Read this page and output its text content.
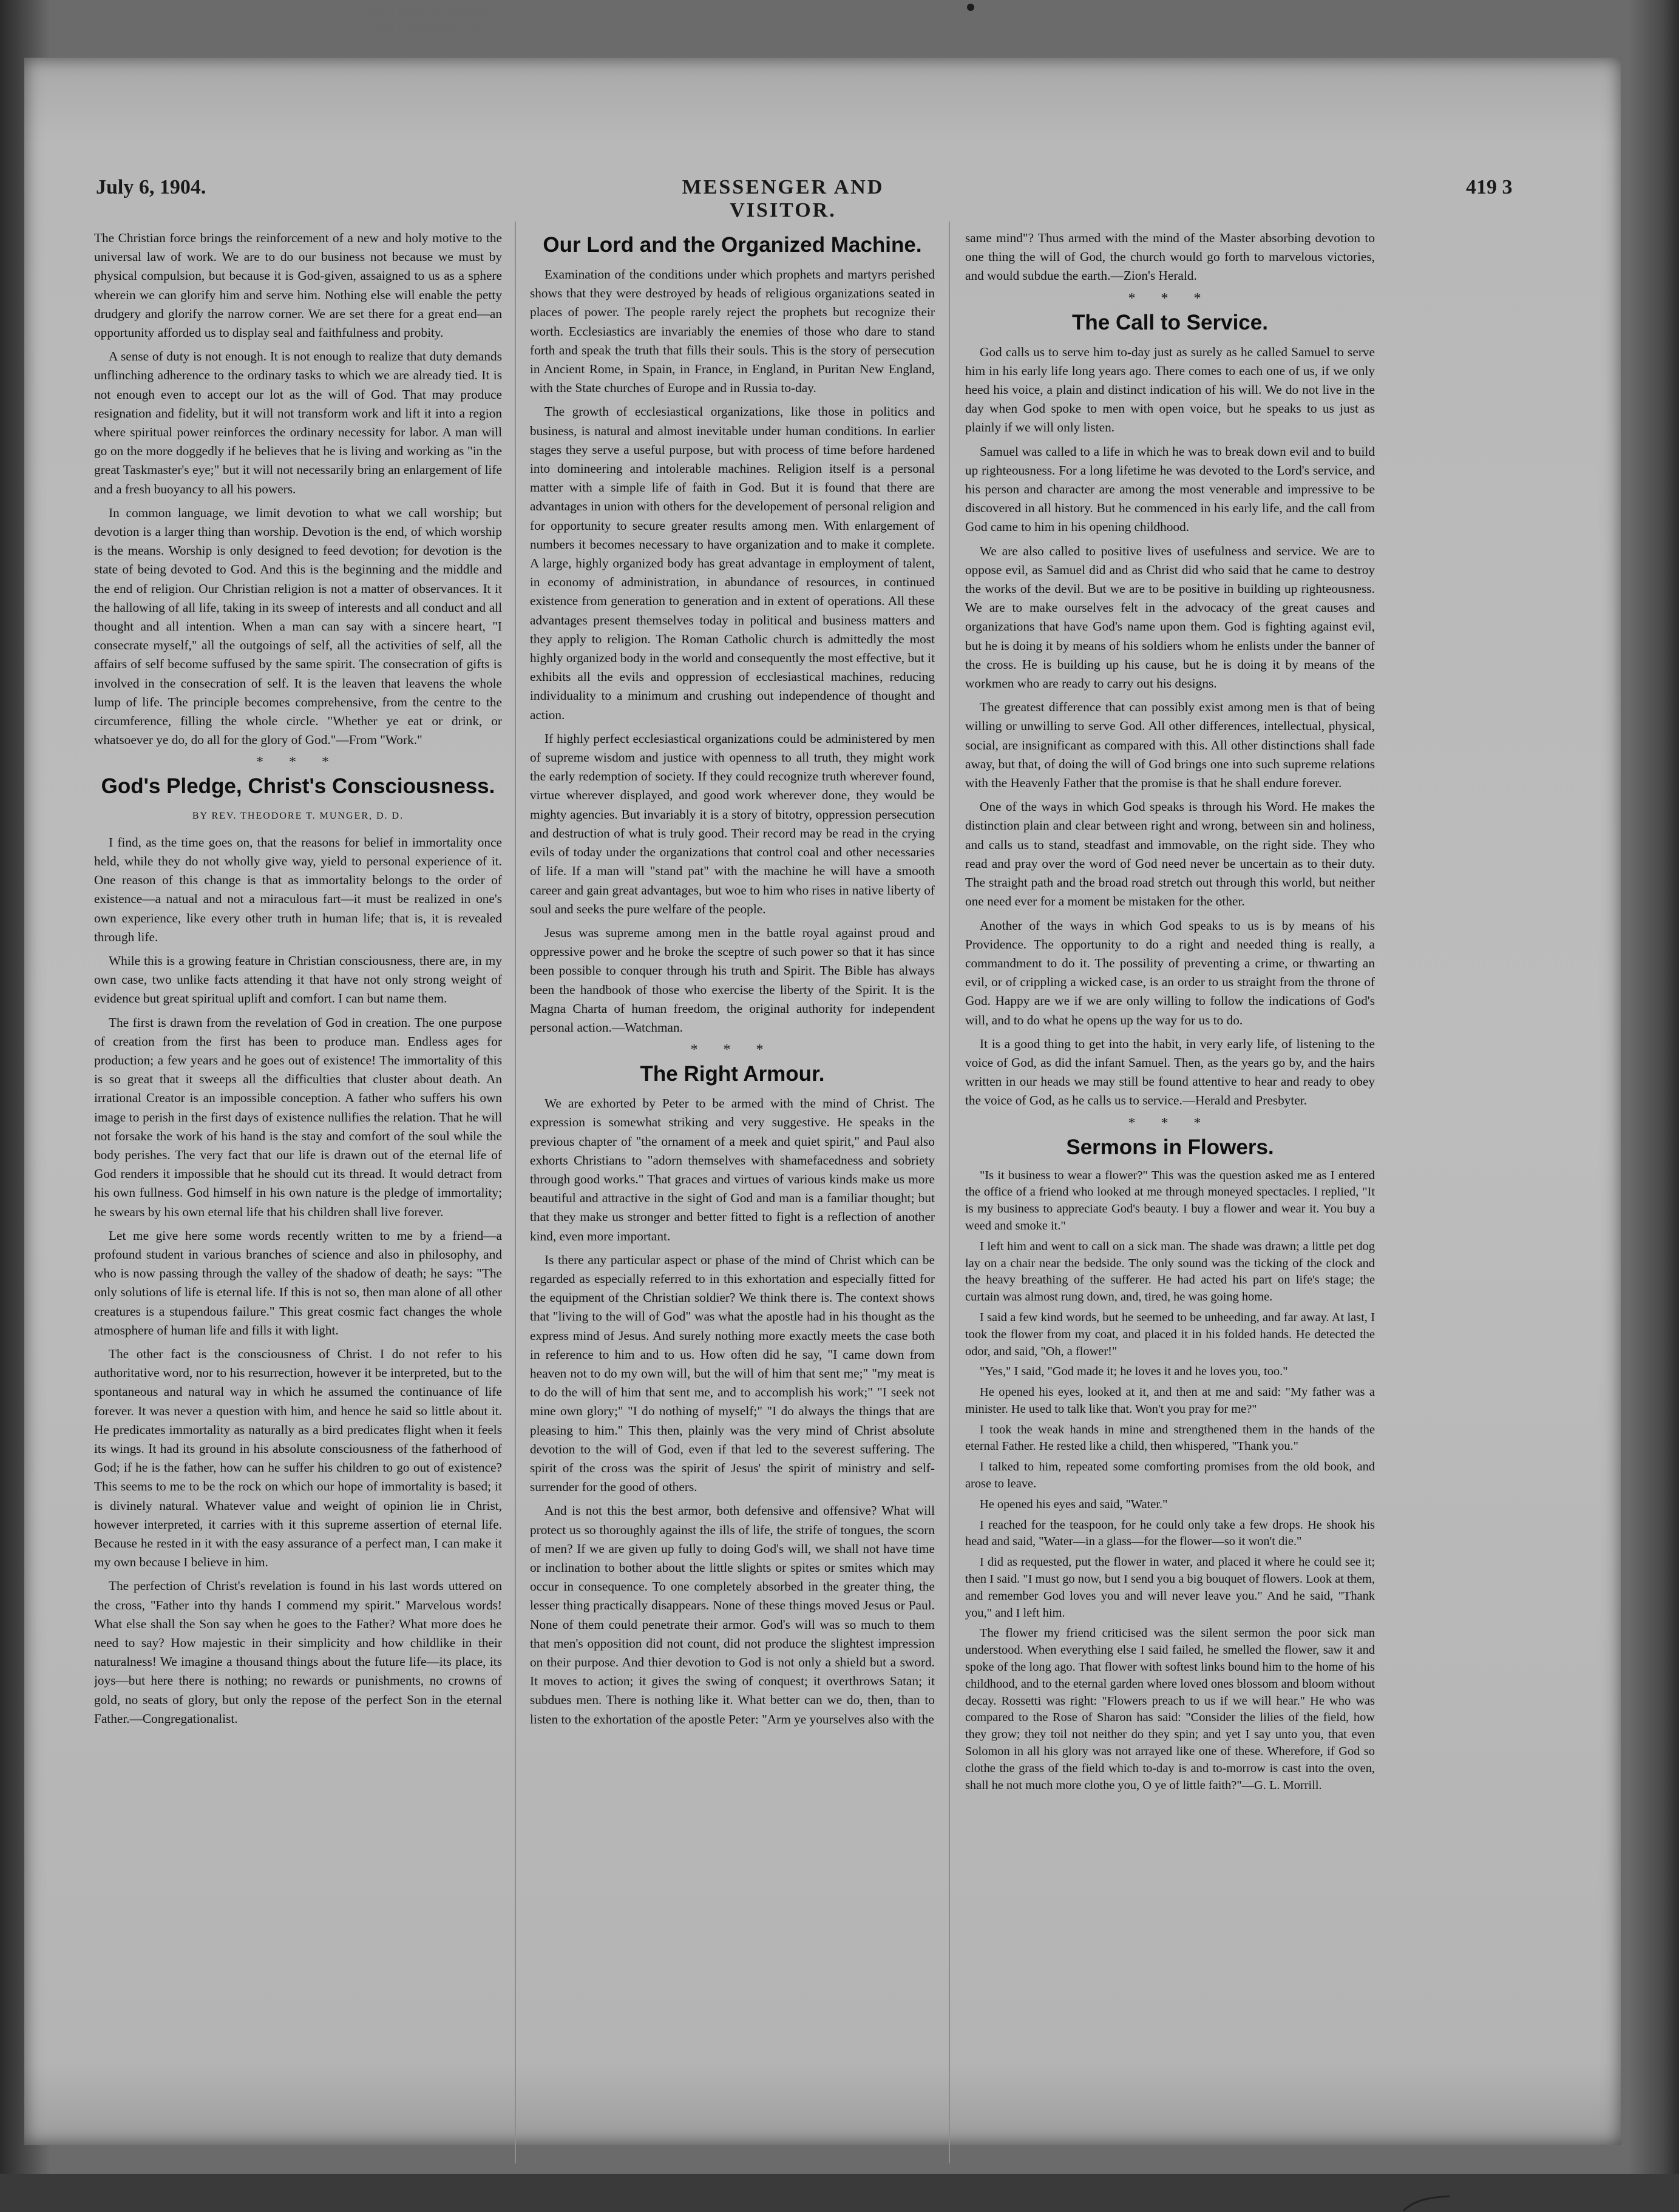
West Virginia Collection
(Not a Scanned Copy)
July 6, 1904.	MESSENGER AND VISITOR.
419 3

The Christian force brings the reinforcement of a new and holy motive to the universal law of work. We are to do our business not because we must by physical compulsion, but because it is God-given, assaigned to us as a sphere wherein we can glorify him and serve him. Nothing else will enable the petty drudgery and glorify the narrow corner. We are set there for a great end—an opportunity afforded us to display seal and faithfulness and probity.

A sense of duty is not enough. It is not enough to realize that duty demands unflinching adherence to the ordinary tasks to which we are already tied. It is not enough even to accept our lot as the will of God. That may produce resignation and fidelity, but it will not transform work and lift it into a region where spiritual power reinforces the ordinary necessity for labor. A man will go on the more doggedly if he believes that he is living and working as "in the great Taskmaster's eye;" but it will not necessarily bring an enlargement of life and a fresh buoyancy to all his powers.

In common language, we limit devotion to what we call worship; but devotion is a larger thing than worship. Devotion is the end, of which worship is the means. Worship is only designed to feed devotion; for devotion is the state of being devoted to God. And this is the beginning and the middle and the end of religion. Our Christian religion is not a matter of observances. It it the hallowing of all life, taking in its sweep of interests and all conduct and all thought and all intention. When a man can say with a sincere heart, "I consecrate myself," all the outgoings of self, all the activities of self, all the affairs of self become suffused by the same spirit. The consecration of gifts is involved in the consecration of self. It is the leaven that leavens the whole lump of life. The principle becomes comprehensive, from the centre to the circumference, filling the whole circle. "Whether ye eat or drink, or whatsoever ye do, do all for the glory of God."—From "Work."

* * *
God's Pledge, Christ's Consciousness.
BY REV. THEODORE T. MUNGER, D. D.

I find, as the time goes on, that the reasons for belief in immortality once held, while they do not wholly give way, yield to personal experience of it. One reason of this change is that as immortality belongs to the order of existence—a natual and not a miraculous fart—it must be realized in one's own experience, like every other truth in human life; that is, it is revealed through life.

While this is a growing feature in Christian consciousness, there are, in my own case, two unlike facts attending it that have not only strong weight of evidence but great spiritual uplift and comfort. I can but name them.

The first is drawn from the revelation of God in creation. The one purpose of creation from the first has been to produce man. Endless ages for production; a few years and he goes out of existence! The immortality of this is so great that it sweeps all the difficulties that cluster about death. An irrational Creator is an impossible conception. A father who suffers his own image to perish in the first days of existence nullifies the relation. That he will not forsake the work of his hand is the stay and comfort of the soul while the body perishes. The very fact that our life is drawn out of the eternal life of God renders it impossible that he should cut its thread. It would detract from his own fullness. God himself in his own nature is the pledge of immortality; he swears by his own eternal life that his children shall live forever.

Let me give here some words recently written to me by a friend—a profound student in various branches of science and also in philosophy, and who is now passing through the valley of the shadow of death; he says: "The only solutions of life is eternal life. If this is not so, then man alone of all other creatures is a stupendous failure." This great cosmic fact changes the whole atmosphere of human life and fills it with light.

The other fact is the consciousness of Christ. I do not refer to his authoritative word, nor to his resurrection, however it be interpreted, but to the spontaneous and natural way in which he assumed the continuance of life forever. It was never a question with him, and hence he said so little about it. He predicates immortality as naturally as a bird predicates flight when it feels its wings. It had its ground in his absolute consciousness of the fatherhood of God; if he is the father, how can he suffer his children to go out of existence? This seems to me to be the rock on which our hope of immortality is based; it is divinely natural. Whatever value and weight of opinion lie in Christ, however interpreted, it carries with it this supreme assertion of eternal life. Because he rested in it with the easy assurance of a perfect man, I can make it my own because I believe in him.

The perfection of Christ's revelation is found in his last words uttered on the cross, "Father into thy hands I commend my spirit." Marvelous words! What else shall the Son say when he goes to the Father? What more does he need to say? How majestic in their simplicity and how childlike in their naturalness! We imagine a thousand things about the future life—its place, its joys—but here there is nothing; no rewards or punishments, no crowns of gold, no seats of glory, but only the repose of the perfect Son in the eternal Father.—Congregationalist.

Our Lord and the Organized Machine.

Examination of the conditions under which prophets and martyrs perished shows that they were destroyed by heads of religious organizations seated in places of power. The people rarely reject the prophets but recognize their worth. Ecclesiastics are invariably the enemies of those who dare to stand forth and speak the truth that fills their souls. This is the story of persecution in Ancient Rome, in Spain, in France, in England, in Puritan New England, with the State churches of Europe and in Russia to-day.

The growth of ecclesiastical organizations, like those in politics and business, is natural and almost inevitable under human conditions. In earlier stages they serve a useful purpose, but with process of time before hardened into domineering and intolerable machines. Religion itself is a personal matter with a simple life of faith in God. But it is found that there are advantages in union with others for the developement of personal religion and for opportunity to secure greater results among men. With enlargement of numbers it becomes necessary to have organization and to make it complete. A large, highly organized body has great advantage in employment of talent, in economy of administration, in abundance of resources, in continued existence from generation to generation and in extent of operations. All these advantages present themselves today in political and business matters and they apply to religion. The Roman Catholic church is admittedly the most highly organized body in the world and consequently the most effective, but it exhibits all the evils and oppression of ecclesiastical machines, reducing individuality to a minimum and crushing out independence of thought and action.

If highly perfect ecclesiastical organizations could be administered by men of supreme wisdom and justice with openness to all truth, they might work the early redemption of society. If they could recognize truth wherever found, virtue wherever displayed, and good work wherever done, they would be mighty agencies. But invariably it is a story of bitotry, oppression persecution and destruction of what is truly good. Their record may be read in the crying evils of today under the organizations that control coal and other necessaries of life. If a man will "stand pat" with the machine he will have a smooth career and gain great advantages, but woe to him who rises in native liberty of soul and seeks the pure welfare of the people.

Jesus was supreme among men in the battle royal against proud and oppressive power and he broke the sceptre of such power so that it has since been possible to conquer through his truth and Spirit. The Bible has always been the handbook of those who exercise the liberty of the Spirit. It is the Magna Charta of human freedom, the original authority for independent personal action.—Watchman.

* * *
The Right Armour.

We are exhorted by Peter to be armed with the mind of Christ. The expression is somewhat striking and very suggestive. He speaks in the previous chapter of "the ornament of a meek and quiet spirit," and Paul also exhorts Christians to "adorn themselves with shamefacedness and sobriety through good works." That graces and virtues of various kinds make us more beautiful and attractive in the sight of God and man is a familiar thought; but that they make us stronger and better fitted to fight is a reflection of another kind, even more important.

Is there any particular aspect or phase of the mind of Christ which can be regarded as especially referred to in this exhortation and especially fitted for the equipment of the Christian soldier? We think there is. The context shows that "living to the will of God" was what the apostle had in his thought as the express mind of Jesus. And surely nothing more exactly meets the case both in reference to him and to us. How often did he say, "I came down from heaven not to do my own will, but the will of him that sent me;" "my meat is to do the will of him that sent me, and to accomplish his work;" "I seek not mine own glory;" "I do nothing of myself;" "I do always the things that are pleasing to him." This then, plainly was the very mind of Christ absolute devotion to the will of God, even if that led to the severest suffering. The spirit of the cross was the spirit of Jesus' the spirit of ministry and self-surrender for the good of others.

And is not this the best armor, both defensive and offensive? What will protect us so thoroughly against the ills of life, the strife of tongues, the scorn of men? If we are given up fully to doing God's will, we shall not have time or inclination to bother about the little slights or spites or smites which may occur in consequence. To one completely absorbed in the greater thing, the lesser thing practically disappears. None of these things moved Jesus or Paul. None of them could penetrate their armor. God's will was so much to them that men's opposition did not count, did not produce the slightest impression on their purpose. And thier devotion to God is not only a shield but a sword. It moves to action; it gives the swing of conquest; it overthrows Satan; it subdues men. There is nothing like it. What better can we do, then, than to listen to the exhortation of the apostle Peter: "Arm ye yourselves also with the

same mind"? Thus armed with the mind of the Master absorbing devotion to one thing the will of God, the church would go forth to marvelous victories, and would subdue the earth.—Zion's Herald.

* * *
The Call to Service.

God calls us to serve him to-day just as surely as he called Samuel to serve him in his early life long years ago. There comes to each one of us, if we only heed his voice, a plain and distinct indication of his will. We do not live in the day when God spoke to men with open voice, but he speaks to us just as plainly if we will only listen.

Samuel was called to a life in which he was to break down evil and to build up righteousness. For a long lifetime he was devoted to the Lord's service, and his person and character are among the most venerable and impressive to be discovered in all history. But he commenced in his early life, and the call from God came to him in his opening childhood.

We are also called to positive lives of usefulness and service. We are to oppose evil, as Samuel did and as Christ did who said that he came to destroy the works of the devil. But we are to be positive in building up righteousness. We are to make ourselves felt in the advocacy of the great causes and organizations that have God's name upon them. God is fighting against evil, but he is doing it by means of his soldiers whom he enlists under the banner of the cross. He is building up his cause, but he is doing it by means of the workmen who are ready to carry out his designs.

The greatest difference that can possibly exist among men is that of being willing or unwilling to serve God. All other differences, intellectual, physical, social, are insignificant as compared with this. All other distinctions shall fade away, but that, of doing the will of God brings one into such supreme relations with the Heavenly Father that the promise is that he shall endure forever.

One of the ways in which God speaks is through his Word. He makes the distinction plain and clear between right and wrong, between sin and holiness, and calls us to stand, steadfast and immovable, on the right side. They who read and pray over the word of God need never be uncertain as to their duty. The straight path and the broad road stretch out through this world, but neither one need ever for a moment be mistaken for the other.

Another of the ways in which God speaks to us is by means of his Providence. The opportunity to do a right and needed thing is really, a commandment to do it. The possility of preventing a crime, or thwarting an evil, or of crippling a wicked case, is an order to us straight from the throne of God. Happy are we if we are only willing to follow the indications of God's will, and to do what he opens up the way for us to do.

It is a good thing to get into the habit, in very early life, of listening to the voice of God, as did the infant Samuel. Then, as the years go by, and the hairs written in our heads we may still be found attentive to hear and ready to obey the voice of God, as he calls us to service.—Herald and Presbyter.

* * *
Sermons in Flowers.

"Is it business to wear a flower?" This was the question asked me as I entered the office of a friend who looked at me through moneyed spectacles. I replied, "It is my business to appreciate God's beauty. I buy a flower and wear it. You buy a weed and smoke it."

I left him and went to call on a sick man. The shade was drawn; a little pet dog lay on a chair near the bedside. The only sound was the ticking of the clock and the heavy breathing of the sufferer. He had acted his part on life's stage; the curtain was almost rung down, and, tired, he was going home.

I said a few kind words, but he seemed to be unheeding, and far away. At last, I took the flower from my coat, and placed it in his folded hands. He detected the odor, and said, "Oh, a flower!"

"Yes," I said, "God made it; he loves it and he loves you, too."

He opened his eyes, looked at it, and then at me and said: "My father was a minister. He used to talk like that. Won't you pray for me?"

I took the weak hands in mine and strengthened them in the hands of the eternal Father. He rested like a child, then whispered, "Thank you."

I talked to him, repeated some comforting promises from the old book, and arose to leave.

He opened his eyes and said, "Water."

I reached for the teaspoon, for he could only take a few drops. He shook his head and said, "Water—in a glass—for the flower—so it won't die."

I did as requested, put the flower in water, and placed it where he could see it; then I said. "I must go now, but I send you a big bouquet of flowers. Look at them, and remember God loves you and will never leave you." And he said, "Thank you," and I left him.

The flower my friend criticised was the silent sermon the poor sick man understood. When everything else I said failed, he smelled the flower, saw it and spoke of the long ago. That flower with softest links bound him to the home of his childhood, and to the eternal garden where loved ones blossom and bloom without decay. Rossetti was right: "Flowers preach to us if we will hear." He who was compared to the Rose of Sharon has said: "Consider the lilies of the field, how they grow; they toil not neither do they spin; and yet I say unto you, that even Solomon in all his glory was not arrayed like one of these. Wherefore, if God so clothe the grass of the field which to-day is and to-morrow is cast into the oven, shall he not much more clothe you, O ye of little faith?"—G. L. Morrill.
